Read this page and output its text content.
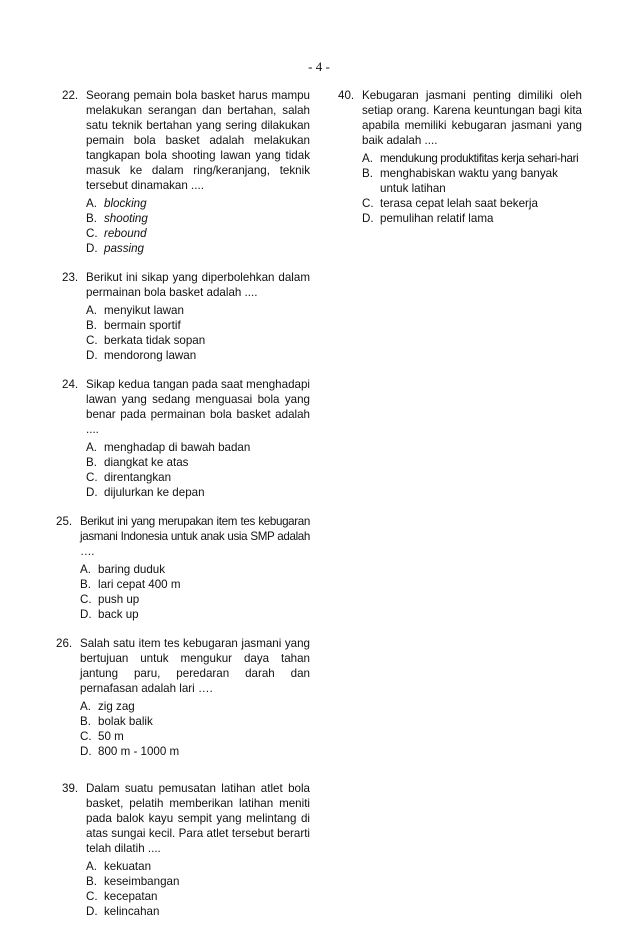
- 4 -
22. Seorang pemain bola basket harus mampu melakukan serangan dan bertahan, salah satu teknik bertahan yang sering dilakukan pemain bola basket adalah melakukan tangkapan bola shooting lawan yang tidak masuk ke dalam ring/keranjang, teknik tersebut dinamakan ....
A. blocking
B. shooting
C. rebound
D. passing
23. Berikut ini sikap yang diperbolehkan dalam permainan bola basket adalah ....
A. menyikut lawan
B. bermain sportif
C. berkata tidak sopan
D. mendorong lawan
24. Sikap kedua tangan pada saat menghadapi lawan yang sedang menguasai bola yang benar pada permainan bola basket adalah ....
A. menghadap di bawah badan
B. diangkat ke atas
C. direntangkan
D. dijulurkan ke depan
25. Berikut ini yang merupakan item tes kebugaran jasmani Indonesia untuk anak usia SMP adalah ….
A. baring duduk
B. lari cepat 400 m
C. push up
D. back up
26. Salah satu item tes kebugaran jasmani yang bertujuan untuk mengukur daya tahan jantung paru, peredaran darah dan pernafasan adalah lari ….
A. zig zag
B. bolak balik
C. 50 m
D. 800 m - 1000 m
39. Dalam suatu pemusatan latihan atlet bola basket, pelatih memberikan latihan meniti pada balok kayu sempit yang melintang di atas sungai kecil. Para atlet tersebut berarti telah dilatih ....
A. kekuatan
B. keseimbangan
C. kecepatan
D. kelincahan
40. Kebugaran jasmani penting dimiliki oleh setiap orang. Karena keuntungan bagi kita apabila memiliki kebugaran jasmani yang baik adalah ....
A. mendukung produktifitas kerja sehari-hari
B. menghabiskan waktu yang banyak untuk latihan
C. terasa cepat lelah saat bekerja
D. pemulihan relatif lama
